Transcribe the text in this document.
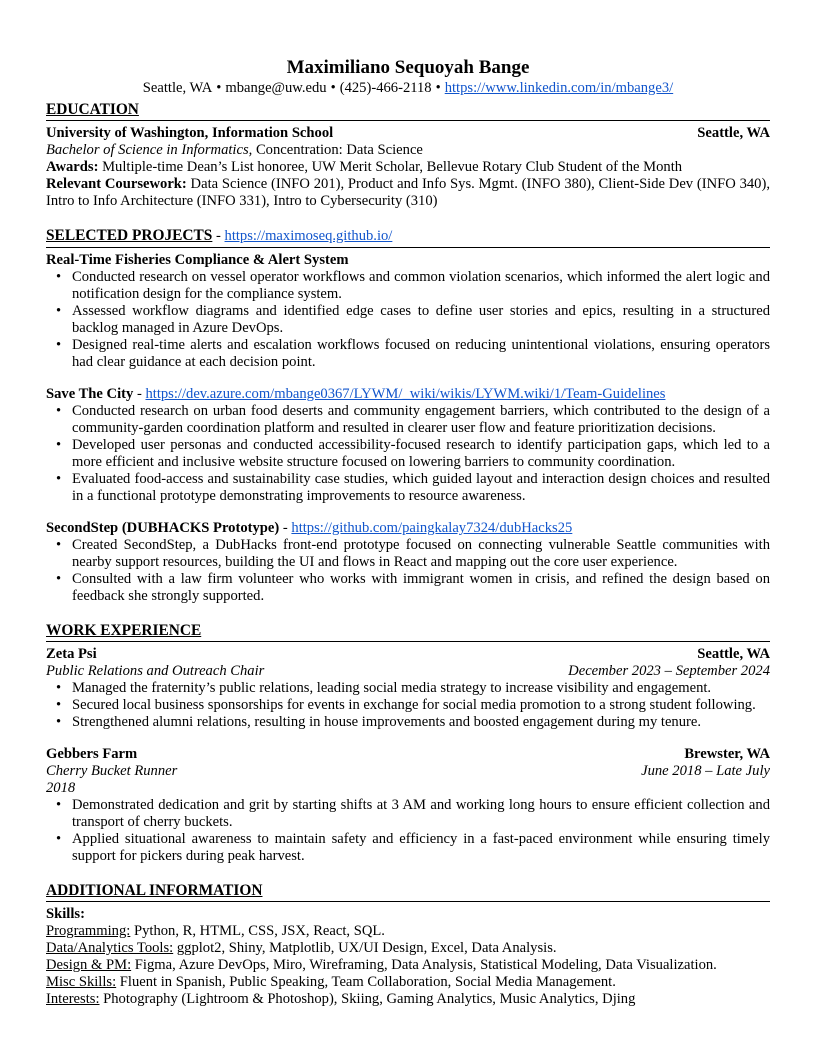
Maximiliano Sequoyah Bange
Seattle, WA • mbange@uw.edu • (425)-466-2118 • https://www.linkedin.com/in/mbange3/
EDUCATION
University of Washington, Information School	Seattle, WA
Bachelor of Science in Informatics, Concentration: Data Science
Awards: Multiple-time Dean’s List honoree, UW Merit Scholar, Bellevue Rotary Club Student of the Month
Relevant Coursework: Data Science (INFO 201), Product and Info Sys. Mgmt. (INFO 380), Client-Side Dev (INFO 340), Intro to Info Architecture (INFO 331), Intro to Cybersecurity (310)
SELECTED PROJECTS - https://maximoseq.github.io/
Real-Time Fisheries Compliance & Alert System
• Conducted research on vessel operator workflows and common violation scenarios, which informed the alert logic and notification design for the compliance system.
• Assessed workflow diagrams and identified edge cases to define user stories and epics, resulting in a structured backlog managed in Azure DevOps.
• Designed real-time alerts and escalation workflows focused on reducing unintentional violations, ensuring operators had clear guidance at each decision point.
Save The City - https://dev.azure.com/mbange0367/LYWM/_wiki/wikis/LYWM.wiki/1/Team-Guidelines
• Conducted research on urban food deserts and community engagement barriers, which contributed to the design of a community-garden coordination platform and resulted in clearer user flow and feature prioritization decisions.
• Developed user personas and conducted accessibility-focused research to identify participation gaps, which led to a more efficient and inclusive website structure focused on lowering barriers to community coordination.
• Evaluated food-access and sustainability case studies, which guided layout and interaction design choices and resulted in a functional prototype demonstrating improvements to resource awareness.
SecondStep (DUBHACKS Prototype) - https://github.com/paingkalay7324/dubHacks25
• Created SecondStep, a DubHacks front-end prototype focused on connecting vulnerable Seattle communities with nearby support resources, building the UI and flows in React and mapping out the core user experience.
• Consulted with a law firm volunteer who works with immigrant women in crisis, and refined the design based on feedback she strongly supported.
WORK EXPERIENCE
Zeta Psi	Seattle, WA
Public Relations and Outreach Chair	December 2023 – September 2024
• Managed the fraternity’s public relations, leading social media strategy to increase visibility and engagement.
• Secured local business sponsorships for events in exchange for social media promotion to a strong student following.
• Strengthened alumni relations, resulting in house improvements and boosted engagement during my tenure.
Gebbers Farm	Brewster, WA
Cherry Bucket Runner	June 2018 – Late July
2018
• Demonstrated dedication and grit by starting shifts at 3 AM and working long hours to ensure efficient collection and transport of cherry buckets.
• Applied situational awareness to maintain safety and efficiency in a fast-paced environment while ensuring timely support for pickers during peak harvest.
ADDITIONAL INFORMATION
Skills:
Programming: Python, R, HTML, CSS, JSX, React, SQL.
Data/Analytics Tools: ggplot2, Shiny, Matplotlib, UX/UI Design, Excel, Data Analysis.
Design & PM: Figma, Azure DevOps, Miro, Wireframing, Data Analysis, Statistical Modeling, Data Visualization.
Misc Skills: Fluent in Spanish, Public Speaking, Team Collaboration, Social Media Management.
Interests: Photography (Lightroom & Photoshop), Skiing, Gaming Analytics, Music Analytics, Djing
